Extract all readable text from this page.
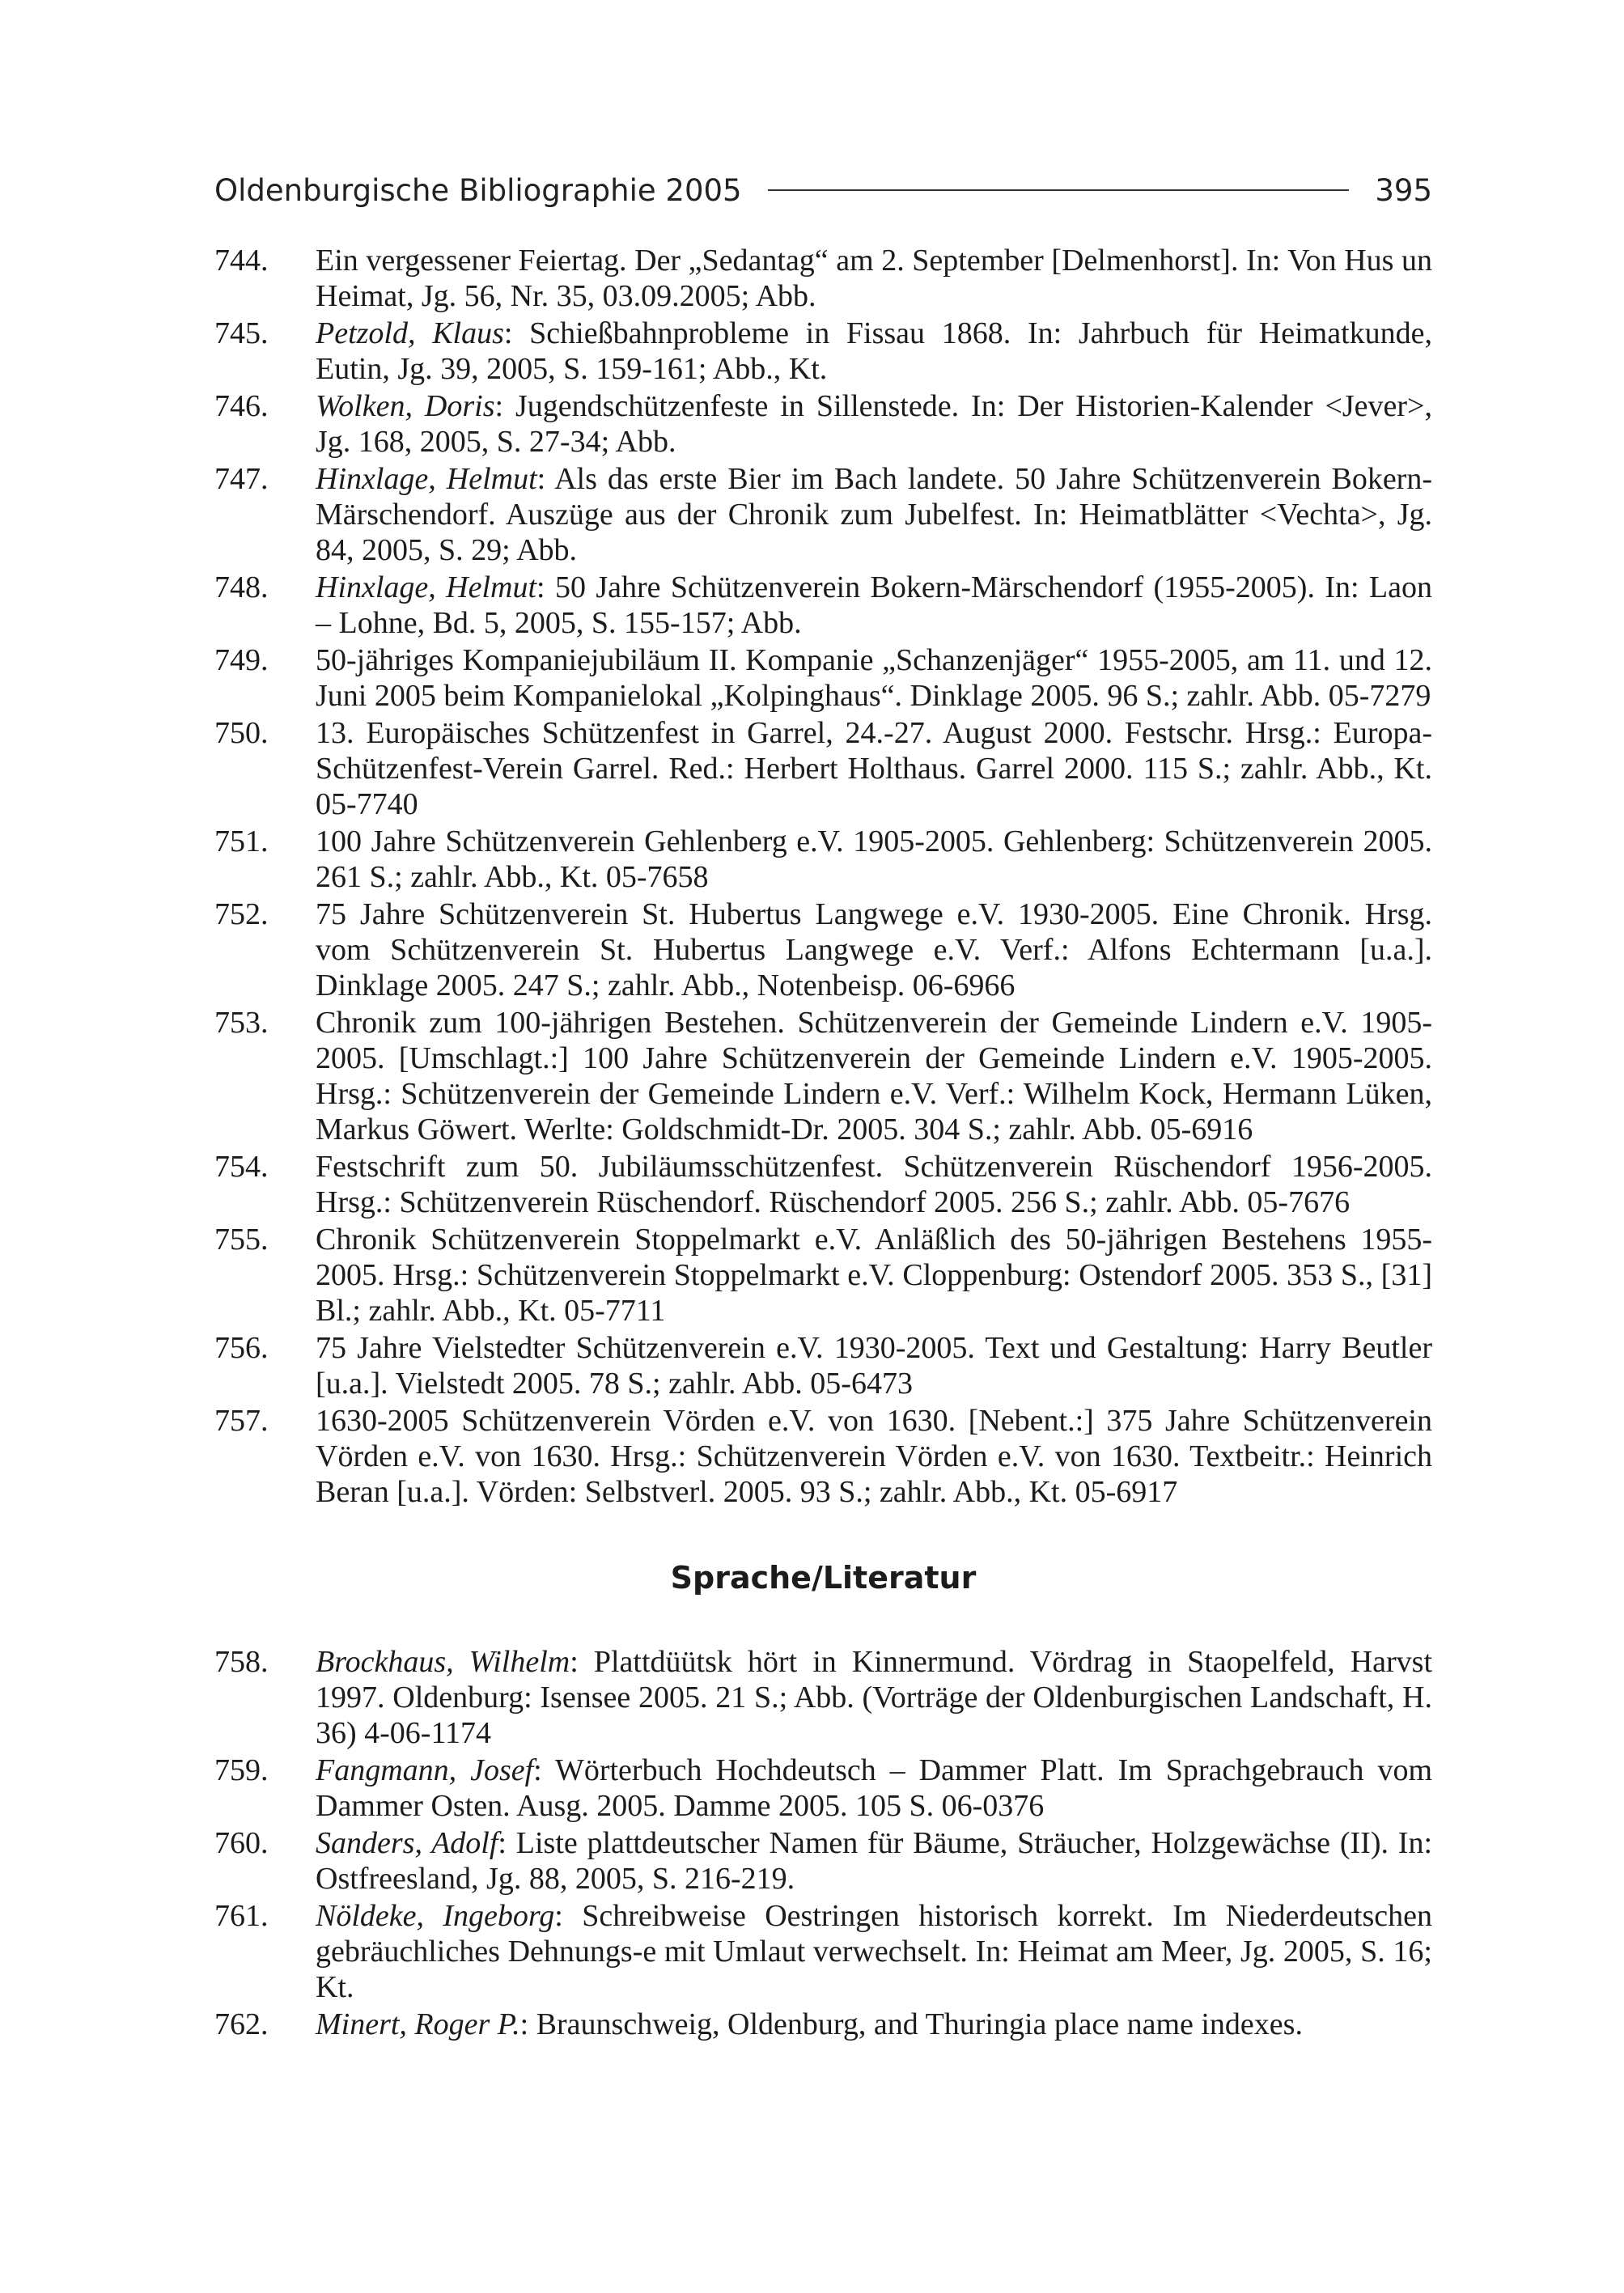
Oldenburgische Bibliographie 2005	395
744.	Ein vergessener Feiertag. Der „Sedantag“ am 2. September [Delmenhorst]. In: Von Hus un Heimat, Jg. 56, Nr. 35, 03.09.2005; Abb.
745.	Petzold, Klaus: Schießbahnprobleme in Fissau 1868. In: Jahrbuch für Heimatkunde, Eutin, Jg. 39, 2005, S. 159-161; Abb., Kt.
746.	Wolken, Doris: Jugendschützenfeste in Sillenstede. In: Der Historien-Kalender <Jever>, Jg. 168, 2005, S. 27-34; Abb.
747.	Hinxlage, Helmut: Als das erste Bier im Bach landete. 50 Jahre Schützenverein Bokern-Märschendorf. Auszüge aus der Chronik zum Jubelfest. In: Heimatblätter <Vechta>, Jg. 84, 2005, S. 29; Abb.
748.	Hinxlage, Helmut: 50 Jahre Schützenverein Bokern-Märschendorf (1955-2005). In: Laon – Lohne, Bd. 5, 2005, S. 155-157; Abb.
749.	50-jähriges Kompaniejubiläum II. Kompanie „Schanzenjäger“ 1955-2005, am 11. und 12. Juni 2005 beim Kompanielokal „Kolpinghaus“. Dinklage 2005. 96 S.; zahlr. Abb. 05-7279
750.	13. Europäisches Schützenfest in Garrel, 24.-27. August 2000. Festschr. Hrsg.: Europa-Schützenfest-Verein Garrel. Red.: Herbert Holthaus. Garrel 2000. 115 S.; zahlr. Abb., Kt. 05-7740
751.	100 Jahre Schützenverein Gehlenberg e.V. 1905-2005. Gehlenberg: Schützenverein 2005. 261 S.; zahlr. Abb., Kt. 05-7658
752.	75 Jahre Schützenverein St. Hubertus Langwege e.V. 1930-2005. Eine Chronik. Hrsg. vom Schützenverein St. Hubertus Langwege e.V. Verf.: Alfons Echtermann [u.a.]. Dinklage 2005. 247 S.; zahlr. Abb., Notenbeisp. 06-6966
753.	Chronik zum 100-jährigen Bestehen. Schützenverein der Gemeinde Lindern e.V. 1905-2005. [Umschlagt.:] 100 Jahre Schützenverein der Gemeinde Lindern e.V. 1905-2005. Hrsg.: Schützenverein der Gemeinde Lindern e.V. Verf.: Wilhelm Kock, Hermann Lüken, Markus Göwert. Werlte: Goldschmidt-Dr. 2005. 304 S.; zahlr. Abb. 05-6916
754.	Festschrift zum 50. Jubiläumsschützenfest. Schützenverein Rüschendorf 1956-2005. Hrsg.: Schützenverein Rüschendorf. Rüschendorf 2005. 256 S.; zahlr. Abb. 05-7676
755.	Chronik Schützenverein Stoppelmarkt e.V. Anläßlich des 50-jährigen Bestehens 1955-2005. Hrsg.: Schützenverein Stoppelmarkt e.V. Cloppenburg: Ostendorf 2005. 353 S., [31] Bl.; zahlr. Abb., Kt. 05-7711
756.	75 Jahre Vielstedter Schützenverein e.V. 1930-2005. Text und Gestaltung: Harry Beutler [u.a.]. Vielstedt 2005. 78 S.; zahlr. Abb. 05-6473
757.	1630-2005 Schützenverein Vörden e.V. von 1630. [Nebent.:] 375 Jahre Schützenverein Vörden e.V. von 1630. Hrsg.: Schützenverein Vörden e.V. von 1630. Textbeitr.: Heinrich Beran [u.a.]. Vörden: Selbstverl. 2005. 93 S.; zahlr. Abb., Kt. 05-6917
Sprache/Literatur
758.	Brockhaus, Wilhelm: Plattdüütsk hört in Kinnermund. Vördrag in Staopelfeld, Harvst 1997. Oldenburg: Isensee 2005. 21 S.; Abb. (Vorträge der Oldenburgischen Landschaft, H. 36) 4-06-1174
759.	Fangmann, Josef: Wörterbuch Hochdeutsch – Dammer Platt. Im Sprachgebrauch vom Dammer Osten. Ausg. 2005. Damme 2005. 105 S. 06-0376
760.	Sanders, Adolf: Liste plattdeutscher Namen für Bäume, Sträucher, Holzgewächse (II). In: Ostfreesland, Jg. 88, 2005, S. 216-219.
761.	Nöldeke, Ingeborg: Schreibweise Oestringen historisch korrekt. Im Niederdeutschen gebräuchliches Dehnungs-e mit Umlaut verwechselt. In: Heimat am Meer, Jg. 2005, S. 16; Kt.
762.	Minert, Roger P.: Braunschweig, Oldenburg, and Thuringia place name indexes.
